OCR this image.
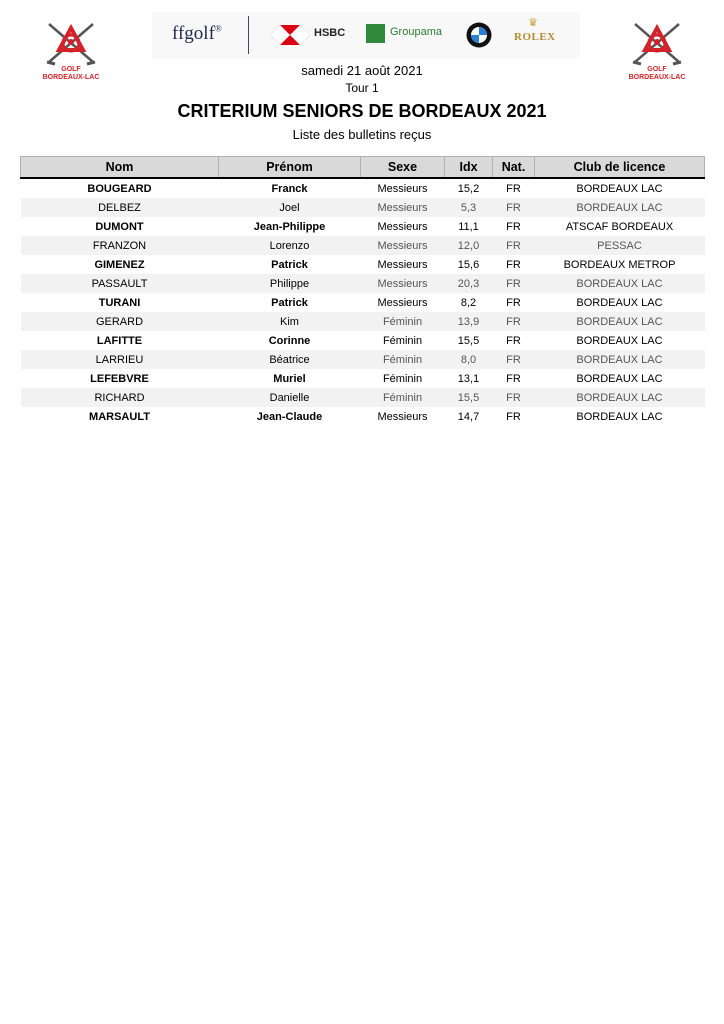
GOLF
BORDEAUX-LAC
GOLF
BORDEAUX-LAC
ffgolf®	HSBC	Groupama
♛
ROLEX
samedi 21 août 2021
Tour 1
CRITERIUM SENIORS DE BORDEAUX 2021
Liste des bulletins reçus
Nom	Prénom	Sexe	Idx	Nat.	Club de licence
BOUGEARD	Franck	Messieurs	15,2	FR	BORDEAUX LAC
DELBEZ	Joel	Messieurs	5,3	FR	BORDEAUX LAC
DUMONT	Jean-Philippe	Messieurs	11,1	FR	ATSCAF BORDEAUX
FRANZON	Lorenzo	Messieurs	12,0	FR	PESSAC
GIMENEZ	Patrick	Messieurs	15,6	FR	BORDEAUX METROP
PASSAULT	Philippe	Messieurs	20,3	FR	BORDEAUX LAC
TURANI	Patrick	Messieurs	8,2	FR	BORDEAUX LAC
GERARD	Kim	Féminin	13,9	FR	BORDEAUX LAC
LAFITTE	Corinne	Féminin	15,5	FR	BORDEAUX LAC
LARRIEU	Béatrice	Féminin	8,0	FR	BORDEAUX LAC
LEFEBVRE	Muriel	Féminin	13,1	FR	BORDEAUX LAC
RICHARD	Danielle	Féminin	15,5	FR	BORDEAUX LAC
MARSAULT	Jean-Claude	Messieurs	14,7	FR	BORDEAUX LAC
